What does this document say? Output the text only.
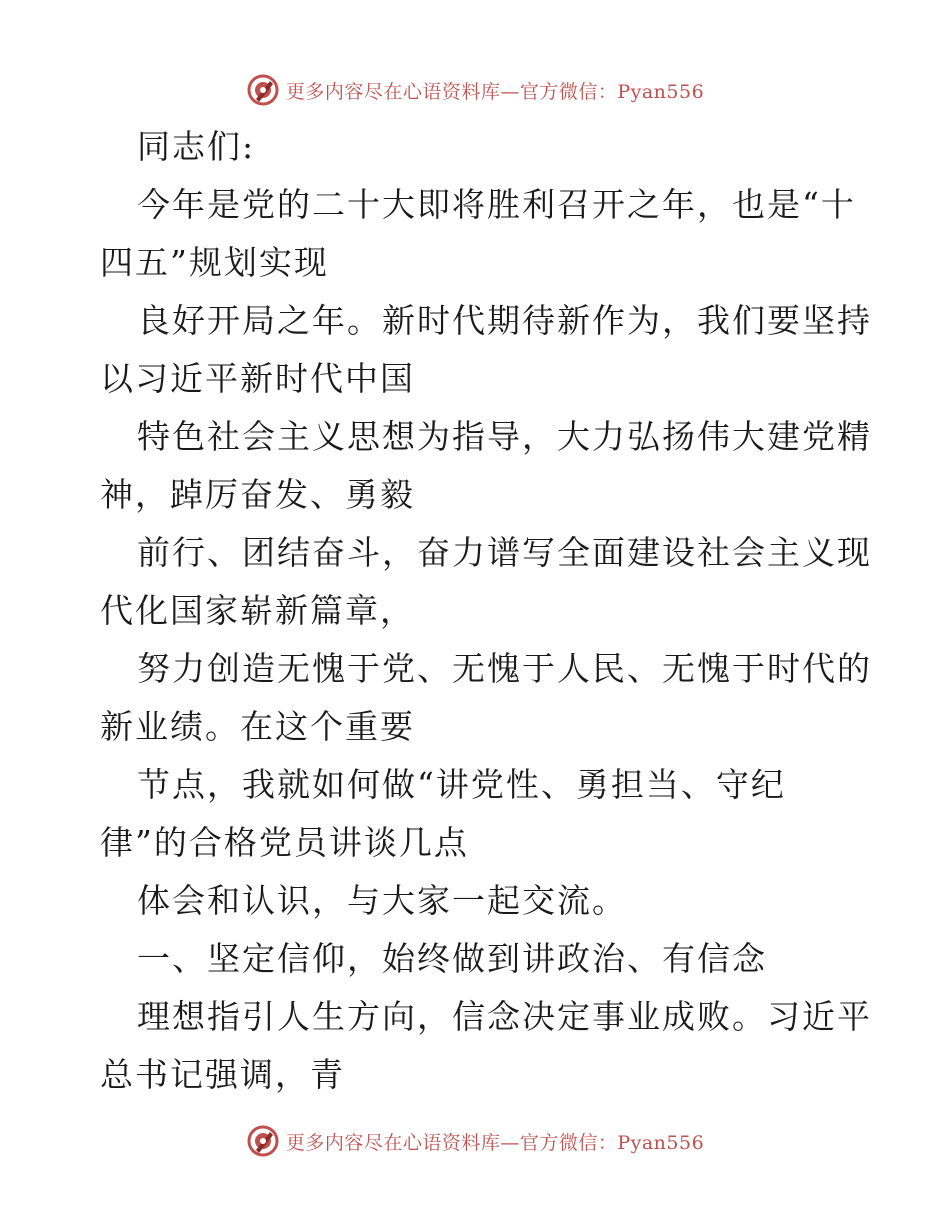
更多内容尽在心语资料库—官方微信：Pyan556
同志们:
今年是党的二十大即将胜利召开之年，也是“十
四五”规划实现
良好开局之年。新时代期待新作为，我们要坚持
以习近平新时代中国
特色社会主义思想为指导，大力弘扬伟大建党精
神，踔厉奋发、勇毅
前行、团结奋斗，奋力谱写全面建设社会主义现
代化国家崭新篇章，
努力创造无愧于党、无愧于人民、无愧于时代的
新业绩。在这个重要
节点，我就如何做“讲党性、勇担当、守纪
律”的合格党员讲谈几点
体会和认识，与大家一起交流。
一、坚定信仰，始终做到讲政治、有信念
理想指引人生方向，信念决定事业成败。习近平
总书记强调，青
更多内容尽在心语资料库—官方微信：Pyan556
